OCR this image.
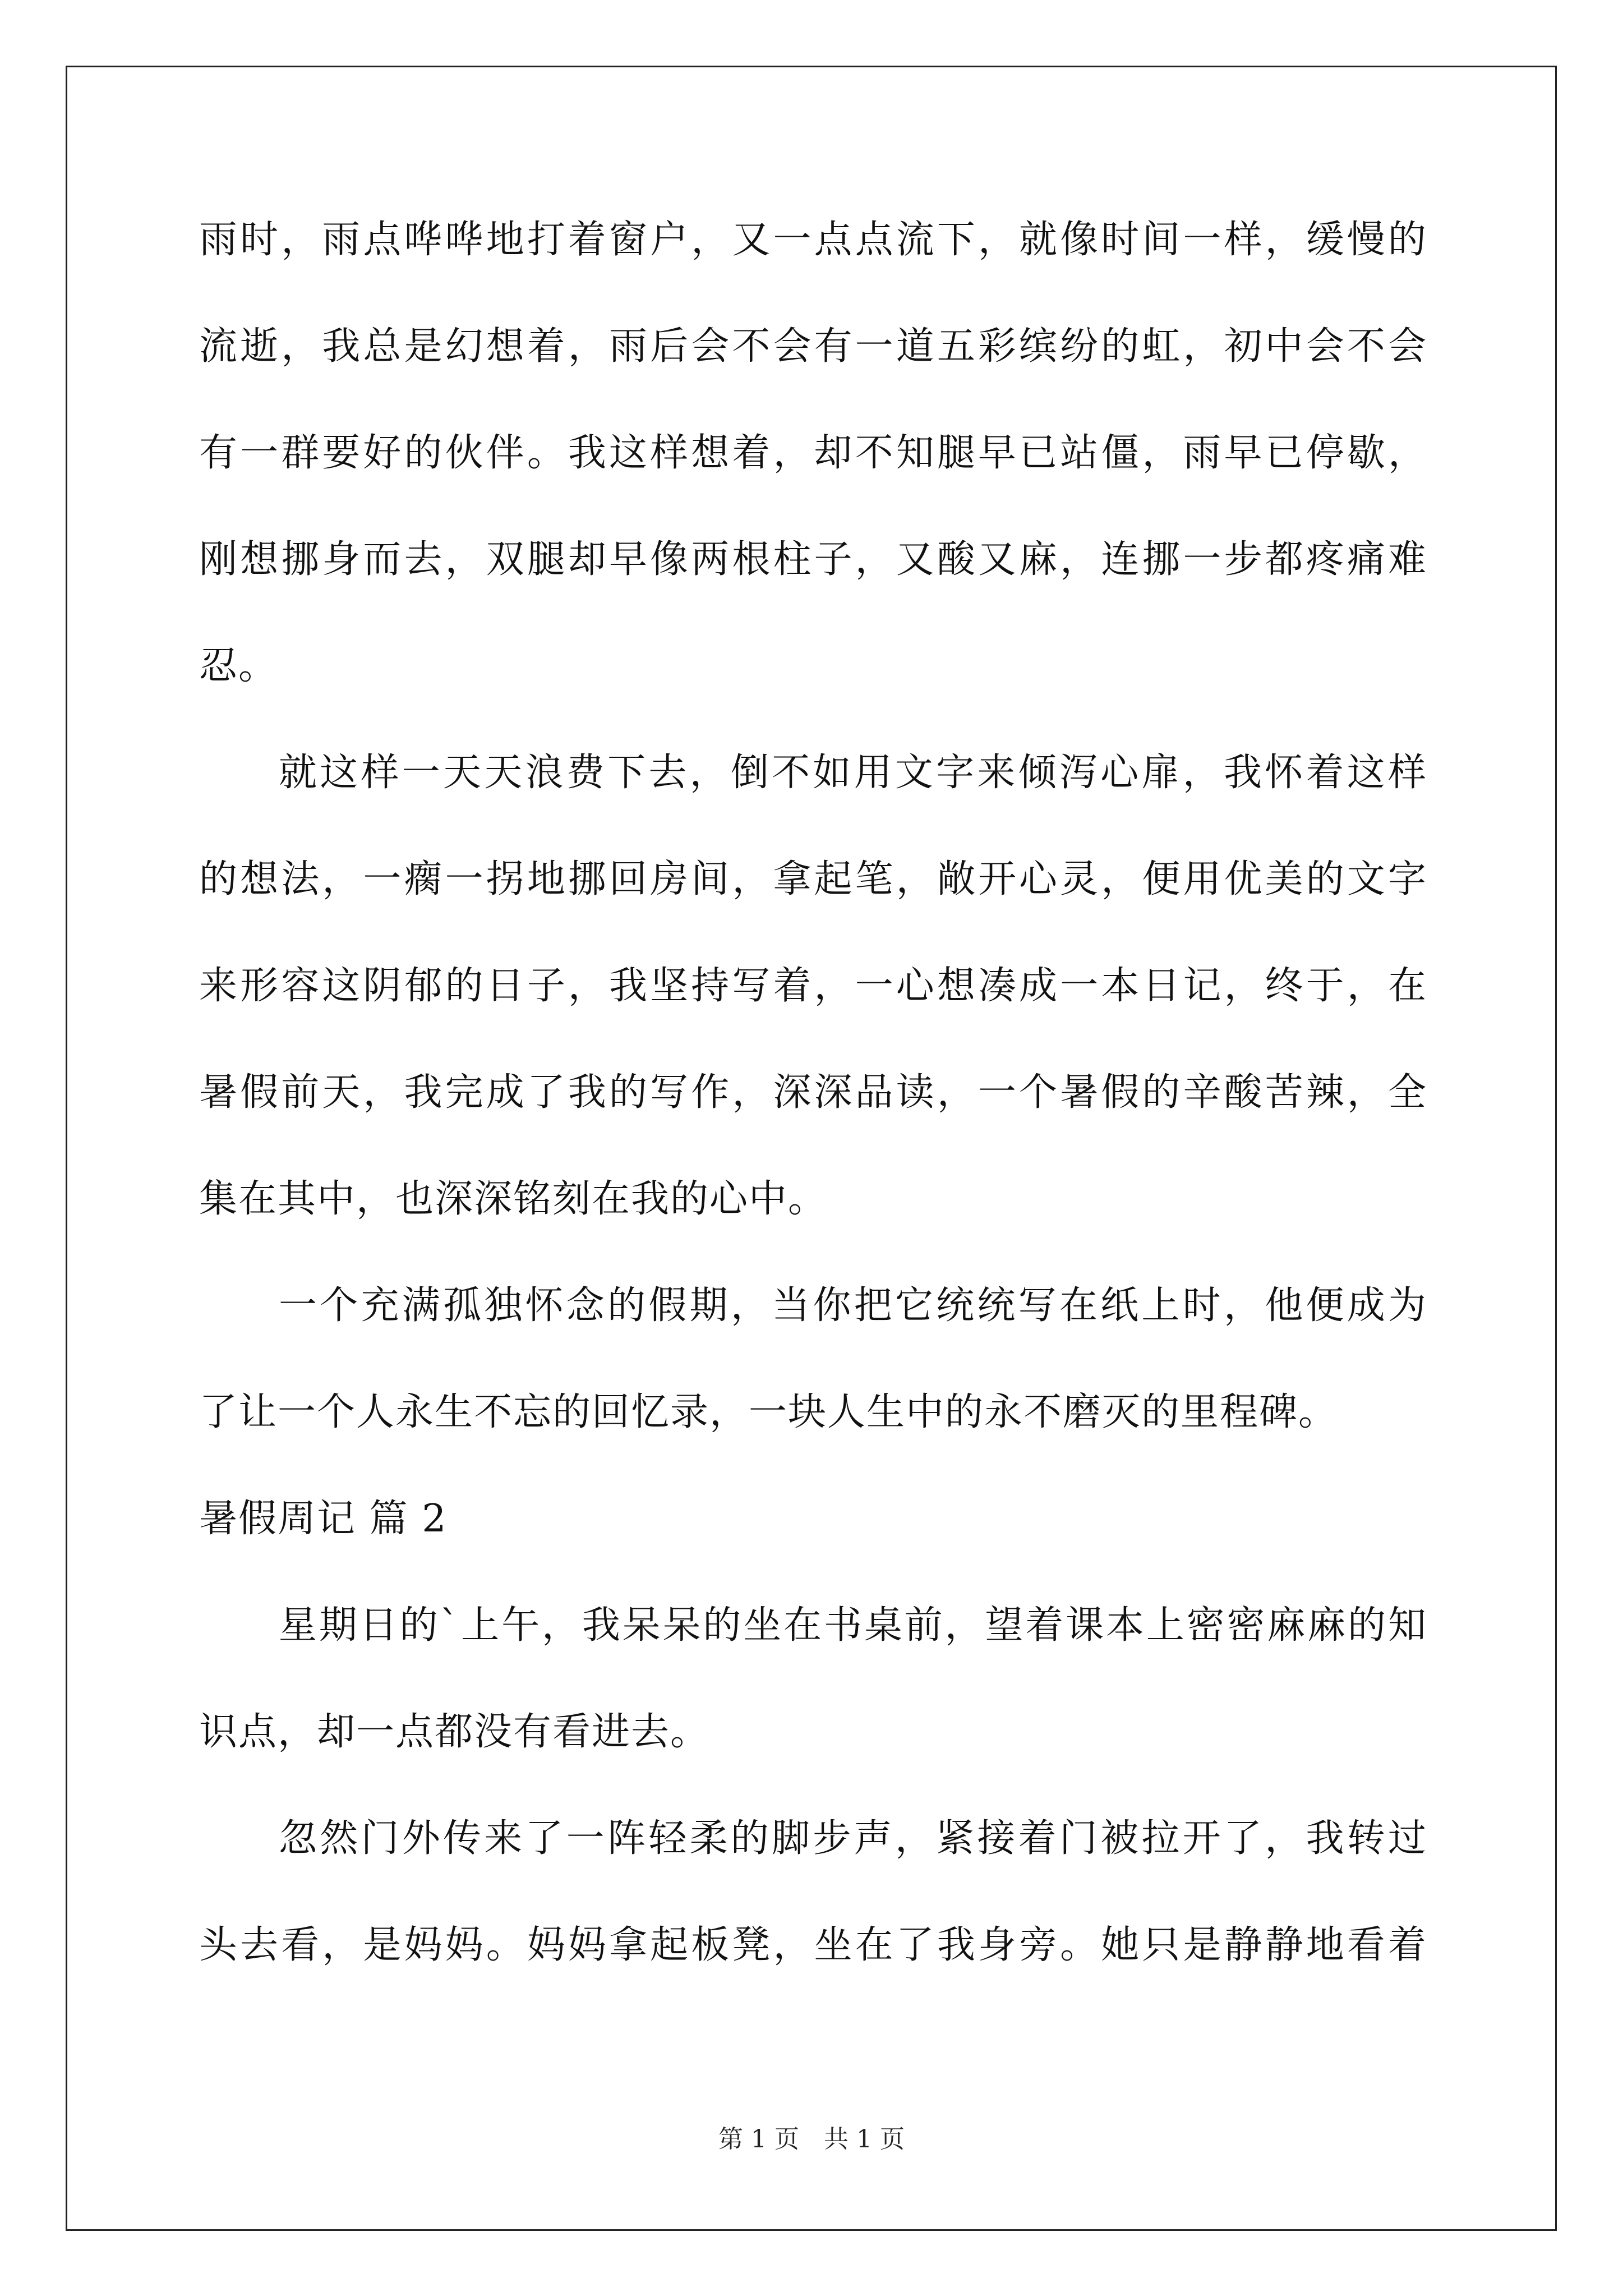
雨时，雨点哗哗地打着窗户，又一点点流下，就像时间一样，缓慢的
流逝，我总是幻想着，雨后会不会有一道五彩缤纷的虹，初中会不会
有一群要好的伙伴。我这样想着，却不知腿早已站僵，雨早已停歇，
刚想挪身而去，双腿却早像两根柱子，又酸又麻，连挪一步都疼痛难
忍。
就这样一天天浪费下去，倒不如用文字来倾泻心扉，我怀着这样
的想法，一瘸一拐地挪回房间，拿起笔，敞开心灵，便用优美的文字
来形容这阴郁的日子，我坚持写着，一心想凑成一本日记，终于，在
暑假前天，我完成了我的写作，深深品读，一个暑假的辛酸苦辣，全
集在其中，也深深铭刻在我的心中。
一个充满孤独怀念的假期，当你把它统统写在纸上时，他便成为
了让一个人永生不忘的回忆录，一块人生中的永不磨灭的里程碑。
暑假周记 篇 2
星期日的`上午，我呆呆的坐在书桌前，望着课本上密密麻麻的知
识点，却一点都没有看进去。
忽然门外传来了一阵轻柔的脚步声，紧接着门被拉开了，我转过
头去看，是妈妈。妈妈拿起板凳，坐在了我身旁。她只是静静地看着
第 1 页　共 1 页
